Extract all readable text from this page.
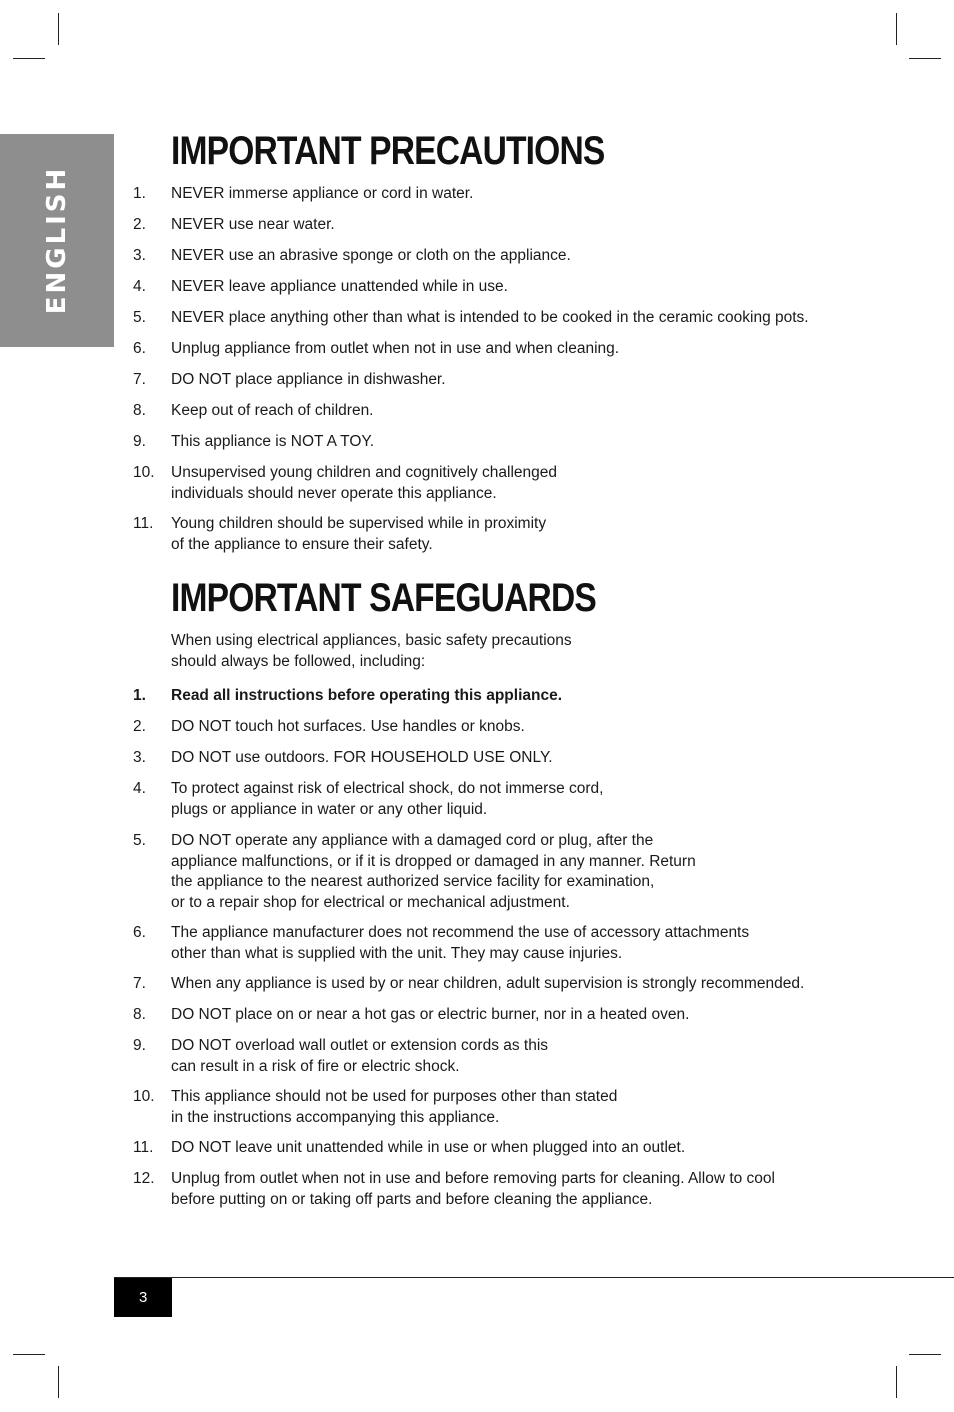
ENGLISH
IMPORTANT PRECAUTIONS
1. NEVER immerse appliance or cord in water.
2. NEVER use near water.
3. NEVER use an abrasive sponge or cloth on the appliance.
4. NEVER leave appliance unattended while in use.
5. NEVER place anything other than what is intended to be cooked in the ceramic cooking pots.
6. Unplug appliance from outlet when not in use and when cleaning.
7. DO NOT place appliance in dishwasher.
8. Keep out of reach of children.
9. This appliance is NOT A TOY.
10. Unsupervised young children and cognitively challenged
individuals should never operate this appliance.
11. Young children should be supervised while in proximity
of the appliance to ensure their safety.
IMPORTANT SAFEGUARDS
When using electrical appliances, basic safety precautions
should always be followed, including:
1. Read all instructions before operating this appliance.
2. DO NOT touch hot surfaces. Use handles or knobs.
3. DO NOT use outdoors. FOR HOUSEHOLD USE ONLY.
4. To protect against risk of electrical shock, do not immerse cord,
plugs or appliance in water or any other liquid.
5. DO NOT operate any appliance with a damaged cord or plug, after the
appliance malfunctions, or if it is dropped or damaged in any manner. Return
the appliance to the nearest authorized service facility for examination,
or to a repair shop for electrical or mechanical adjustment.
6. The appliance manufacturer does not recommend the use of accessory attachments
other than what is supplied with the unit. They may cause injuries.
7. When any appliance is used by or near children, adult supervision is strongly recommended.
8. DO NOT place on or near a hot gas or electric burner, nor in a heated oven.
9. DO NOT overload wall outlet or extension cords as this
can result in a risk of fire or electric shock.
10. This appliance should not be used for purposes other than stated
in the instructions accompanying this appliance.
11. DO NOT leave unit unattended while in use or when plugged into an outlet.
12. Unplug from outlet when not in use and before removing parts for cleaning. Allow to cool
before putting on or taking off parts and before cleaning the appliance.
3
